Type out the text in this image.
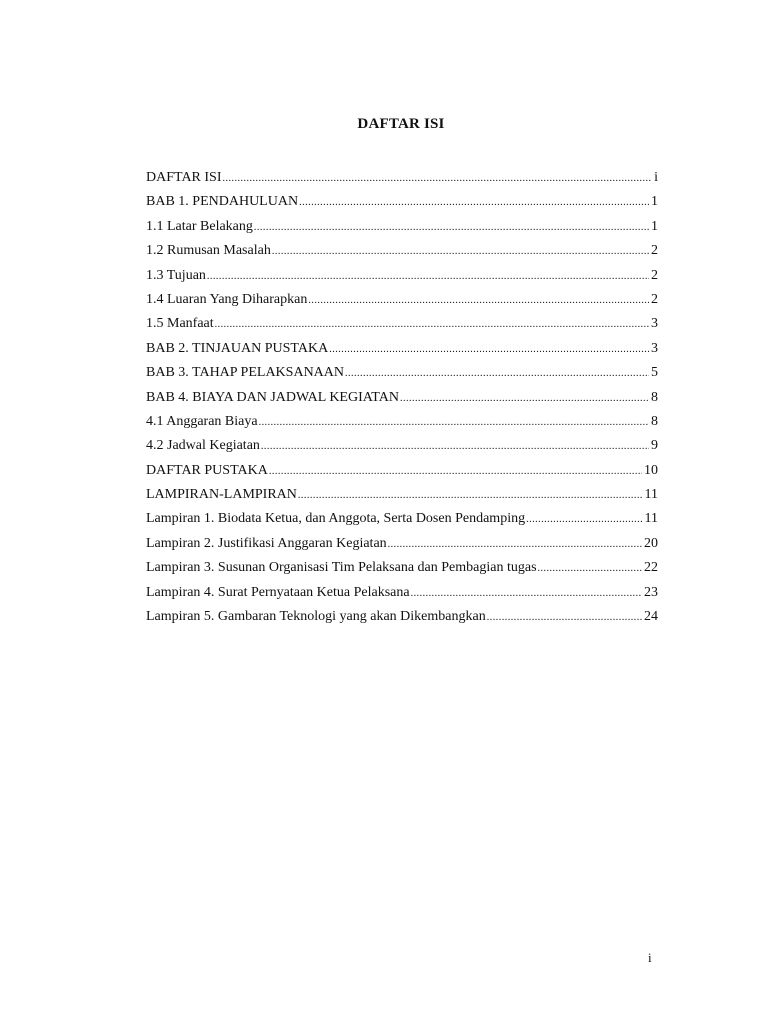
DAFTAR ISI
DAFTAR ISI .....	i
BAB 1. PENDAHULUAN .....	1
1.1 Latar Belakang .....	1
1.2 Rumusan Masalah .....	2
1.3 Tujuan .....	2
1.4 Luaran Yang Diharapkan .....	2
1.5 Manfaat .....	3
BAB 2. TINJAUAN PUSTAKA .....	3
BAB 3. TAHAP PELAKSANAAN .....	5
BAB 4. BIAYA DAN JADWAL KEGIATAN .....	8
4.1 Anggaran Biaya .....	8
4.2 Jadwal Kegiatan .....	9
DAFTAR PUSTAKA .....	10
LAMPIRAN-LAMPIRAN .....	11
Lampiran 1. Biodata Ketua, dan Anggota, Serta Dosen Pendamping .....	11
Lampiran 2. Justifikasi Anggaran Kegiatan .....	20
Lampiran 3. Susunan Organisasi Tim Pelaksana dan Pembagian tugas .....	22
Lampiran 4. Surat Pernyataan Ketua Pelaksana .....	23
Lampiran 5. Gambaran Teknologi yang akan Dikembangkan .....	24
i
